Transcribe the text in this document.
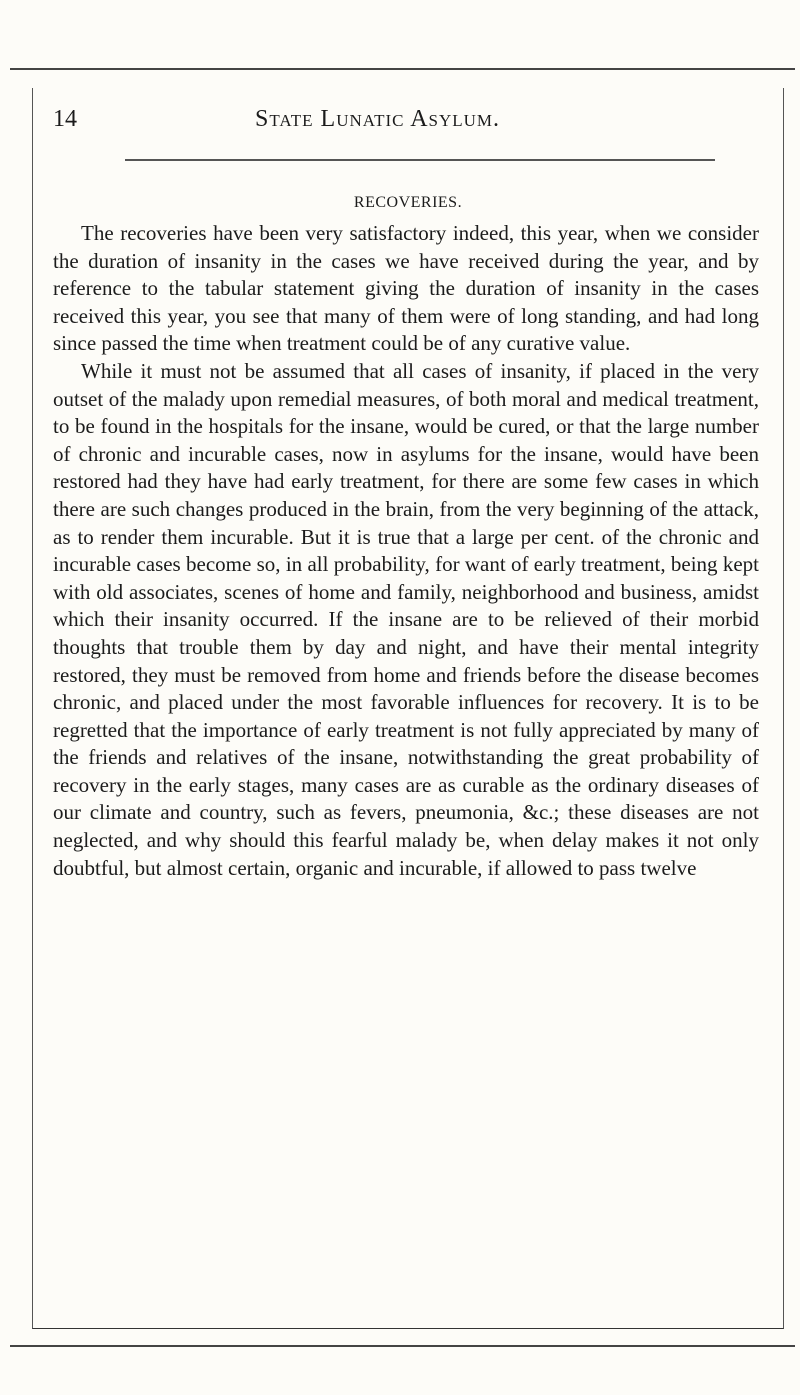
14	State Lunatic Asylum.
RECOVERIES.

The recoveries have been very satisfactory indeed, this year, when we consider the duration of insanity in the cases we have received during the year, and by reference to the tabular statement giving the duration of insanity in the cases received this year, you see that many of them were of long standing, and had long since passed the time when treatment could be of any curative value.

While it must not be assumed that all cases of insanity, if placed in the very outset of the malady upon remedial measures, of both moral and medical treatment, to be found in the hospitals for the insane, would be cured, or that the large number of chronic and incurable cases, now in asylums for the insane, would have been restored had they have had early treatment, for there are some few cases in which there are such changes produced in the brain, from the very beginning of the attack, as to render them incurable. But it is true that a large per cent. of the chronic and incurable cases become so, in all probability, for want of early treatment, being kept with old associates, scenes of home and family, neighborhood and business, amidst which their insanity occurred. If the insane are to be relieved of their morbid thoughts that trouble them by day and night, and have their mental integrity restored, they must be removed from home and friends before the disease becomes chronic, and placed under the most favorable influences for recovery. It is to be regretted that the importance of early treatment is not fully appreciated by many of the friends and relatives of the insane, notwithstanding the great probability of recovery in the early stages, many cases are as curable as the ordinary diseases of our climate and country, such as fevers, pneumonia, &c.; these diseases are not neglected, and why should this fearful malady be, when delay makes it not only doubtful, but almost certain, organic and incurable, if allowed to pass twelve
